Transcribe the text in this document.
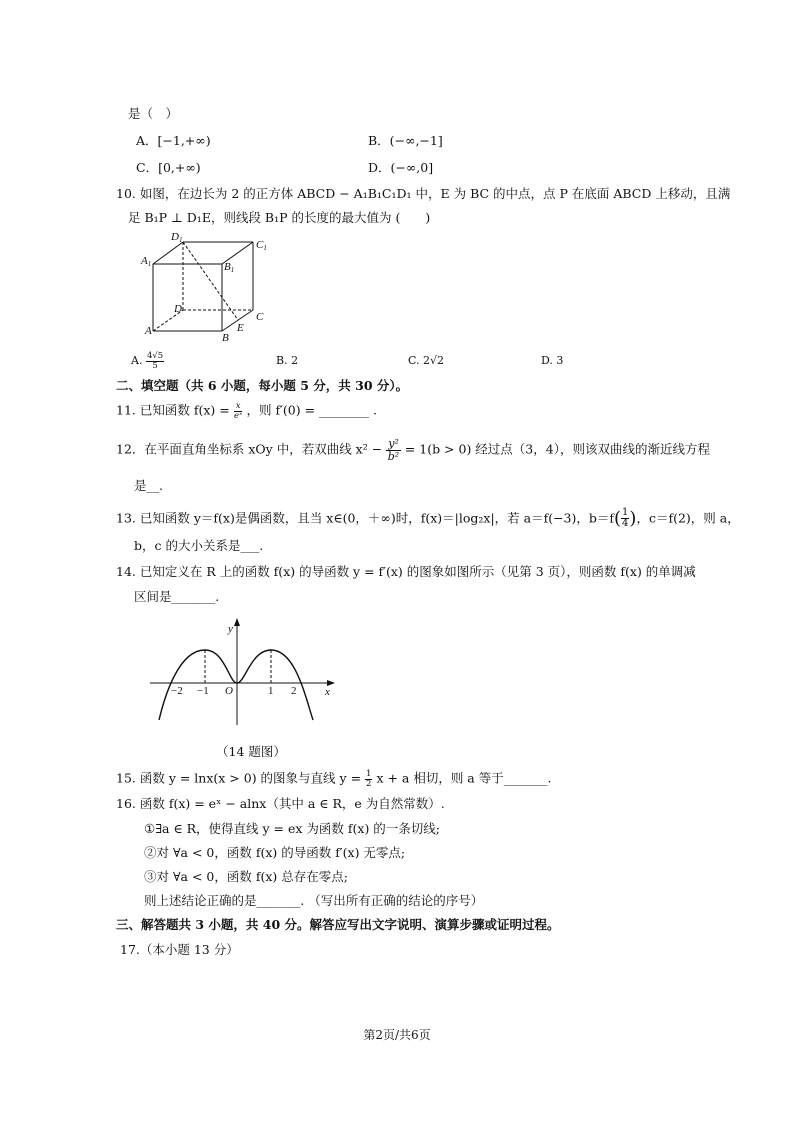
是（　）
A．[−1,+∞)	B．(−∞,−1]
C．[0,+∞)	D．(−∞,0]
10. 如图，在边长为 2 的正方体 ABCD − A₁B₁C₁D₁ 中，E 为 BC 的中点，点 P 在底面 ABCD 上移动，且满
足 B₁P ⊥ D₁E，则线段 B₁P 的长度的最大值为 (　　)
D1	C1
A1	B1
D
C
A
B
E
A. $\frac{4√5}{5}$	B. 2	C. 2√2	D. 3
二、填空题（共 6 小题，每小题 5 分，共 30 分）。
11. 已知函数 $f(x) = \frac{x}{\text{eˣ}}$ ，则 f′(0) = ________ .
12．在平面直角坐标系 xOy 中，若双曲线 $x^2 - \frac{\text{y²}}{\text{b²}} = 1(b > 0)$ 经过点（3，4），则该双曲线的渐近线方程
是__.
13. 已知函数 y＝f(x)是偶函数，且当 x∈(0，＋∞)时，f(x)＝|log₂x|，若 a＝f(−3)，$b=f( \frac{1}{4}$ )，c＝f(2)，则 a，
b，c 的大小关系是___.
14. 已知定义在 R 上的函数 f(x) 的导函数 y = f′(x) 的图象如图所示（见第 3 页），则函数 f(x) 的单调减
区间是_______.
y
x
O
−2 −1	1 2
（14 题图）
15. 函数 y = lnx(x > 0) 的图象与直线 $y = \frac{1}{2}$ x + a 相切，则 a 等于_______.
16. 函数 f(x) = eˣ − alnx（其中 a ∈ R，e 为自然常数）.
①∃a ∈ R，使得直线 y = ex 为函数 f(x) 的一条切线;
②对 ∀a < 0，函数 f(x) 的导函数 f′(x) 无零点;
③对 ∀a < 0，函数 f(x) 总存在零点;
则上述结论正确的是_______. （写出所有正确的结论的序号）
三、解答题共 3 小题，共 40 分。解答应写出文字说明、演算步骤或证明过程。
17.（本小题 13 分）
第2页/共6页
